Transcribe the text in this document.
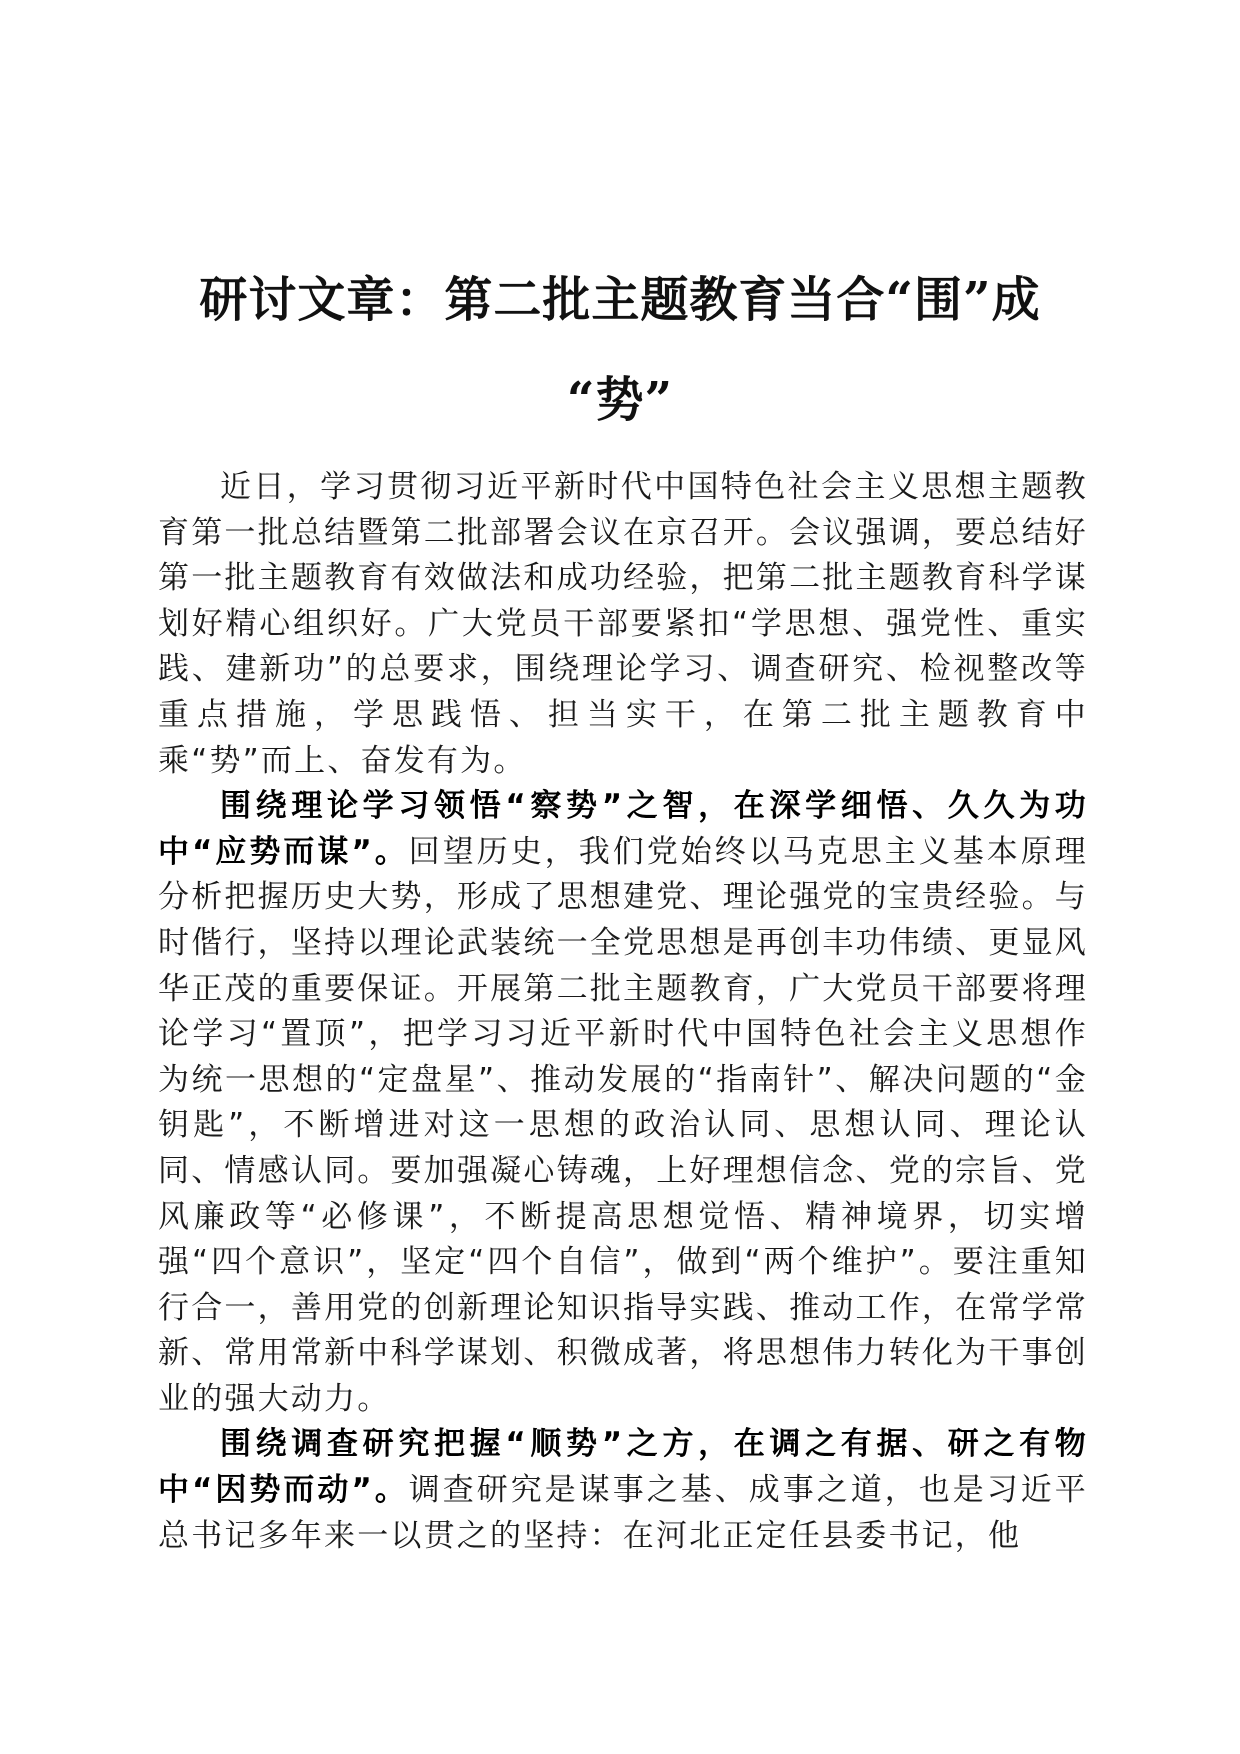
研讨文章：第二批主题教育当合“围”成
“势”

近日，学习贯彻习近平新时代中国特色社会主义思想主题教育第一批总结暨第二批部署会议在京召开。会议强调，要总结好第一批主题教育有效做法和成功经验，把第二批主题教育科学谋划好精心组织好。广大党员干部要紧扣“学思想、强党性、重实践、建新功”的总要求，围绕理论学习、调查研究、检视整改等重点措施，学思践悟、担当实干，在第二批主题教育中乘“势”而上、奋发有为。

围绕理论学习领悟“察势”之智，在深学细悟、久久为功中“应势而谋”。回望历史，我们党始终以马克思主义基本原理分析把握历史大势，形成了思想建党、理论强党的宝贵经验。与时偕行，坚持以理论武装统一全党思想是再创丰功伟绩、更显风华正茂的重要保证。开展第二批主题教育，广大党员干部要将理论学习“置顶”，把学习习近平新时代中国特色社会主义思想作为统一思想的“定盘星”、推动发展的“指南针”、解决问题的“金钥匙”，不断增进对这一思想的政治认同、思想认同、理论认同、情感认同。要加强凝心铸魂，上好理想信念、党的宗旨、党风廉政等“必修课”，不断提高思想觉悟、精神境界，切实增强“四个意识”，坚定“四个自信”，做到“两个维护”。要注重知行合一，善用党的创新理论知识指导实践、推动工作，在常学常新、常用常新中科学谋划、积微成著，将思想伟力转化为干事创业的强大动力。

围绕调查研究把握“顺势”之方，在调之有据、研之有物中“因势而动”。调查研究是谋事之基、成事之道，也是习近平总书记多年来一以贯之的坚持：在河北正定任县委书记，他
